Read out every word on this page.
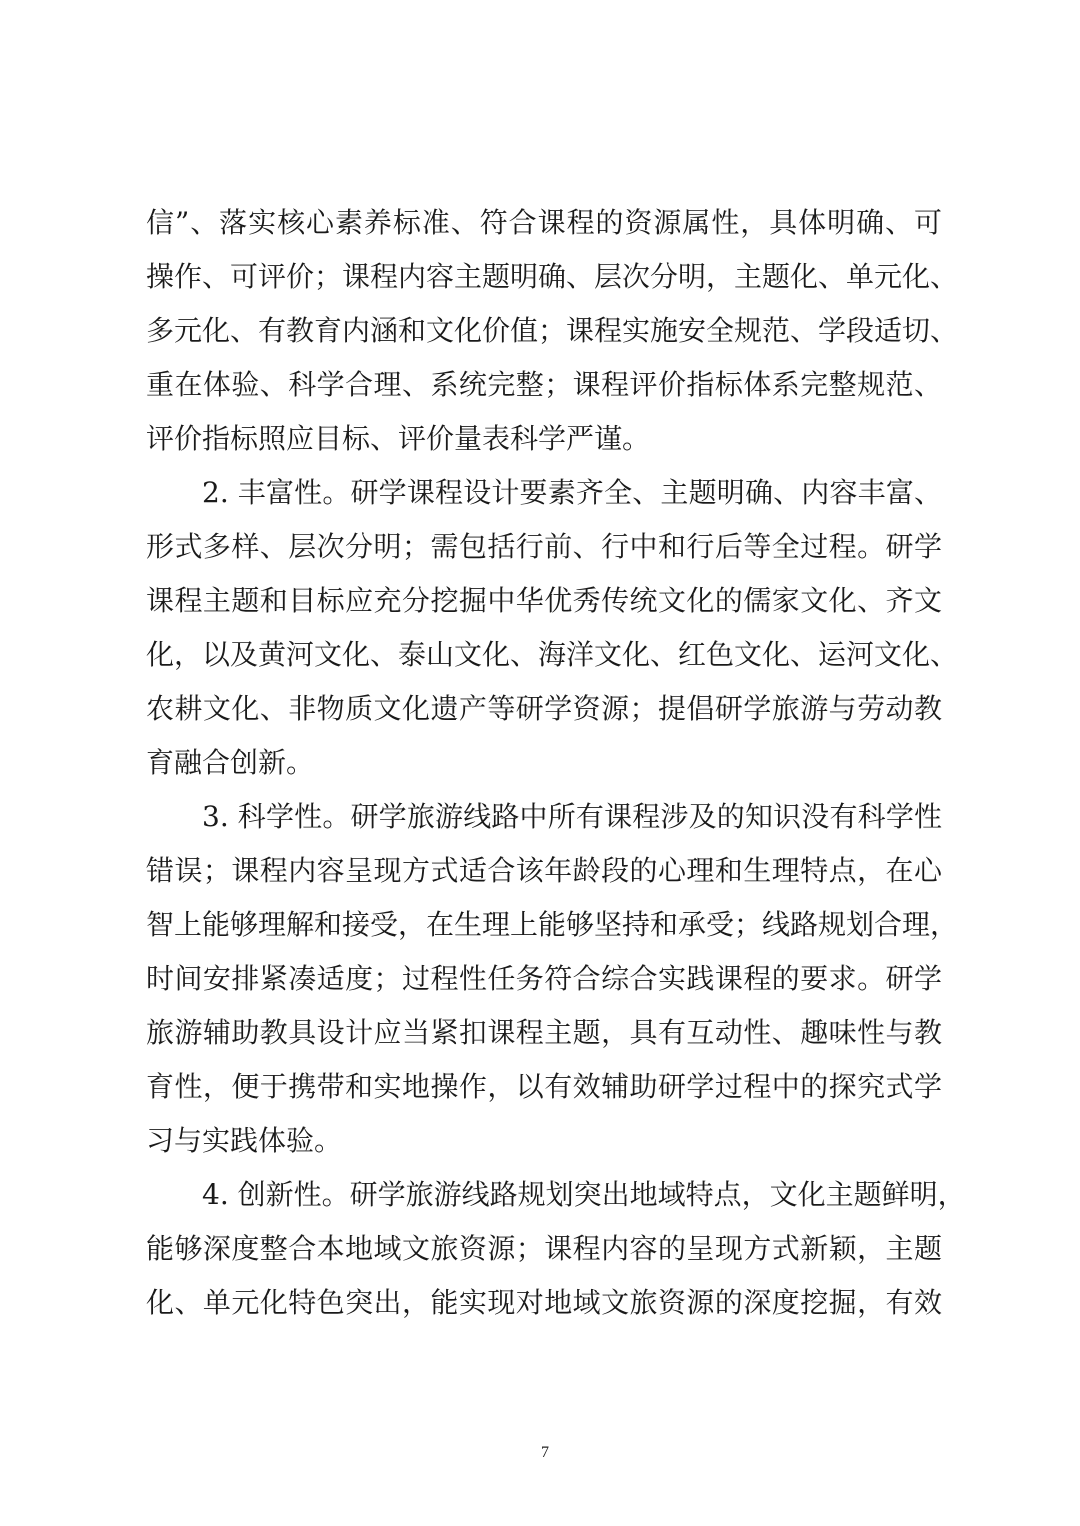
信”、落实核心素养标准、符合课程的资源属性，具体明确、可
操作、可评价；课程内容主题明确、层次分明，主题化、单元化、
多元化、有教育内涵和文化价值；课程实施安全规范、学段适切、
重在体验、科学合理、系统完整；课程评价指标体系完整规范、
评价指标照应目标、评价量表科学严谨。
2. 丰富性。研学课程设计要素齐全、主题明确、内容丰富、
形式多样、层次分明；需包括行前、行中和行后等全过程。研学
课程主题和目标应充分挖掘中华优秀传统文化的儒家文化、齐文
化，以及黄河文化、泰山文化、海洋文化、红色文化、运河文化、
农耕文化、非物质文化遗产等研学资源；提倡研学旅游与劳动教
育融合创新。
3. 科学性。研学旅游线路中所有课程涉及的知识没有科学性
错误；课程内容呈现方式适合该年龄段的心理和生理特点，在心
智上能够理解和接受，在生理上能够坚持和承受；线路规划合理，
时间安排紧凑适度；过程性任务符合综合实践课程的要求。研学
旅游辅助教具设计应当紧扣课程主题，具有互动性、趣味性与教
育性，便于携带和实地操作，以有效辅助研学过程中的探究式学
习与实践体验。
4. 创新性。研学旅游线路规划突出地域特点，文化主题鲜明，
能够深度整合本地域文旅资源；课程内容的呈现方式新颖，主题
化、单元化特色突出，能实现对地域文旅资源的深度挖掘，有效
7
